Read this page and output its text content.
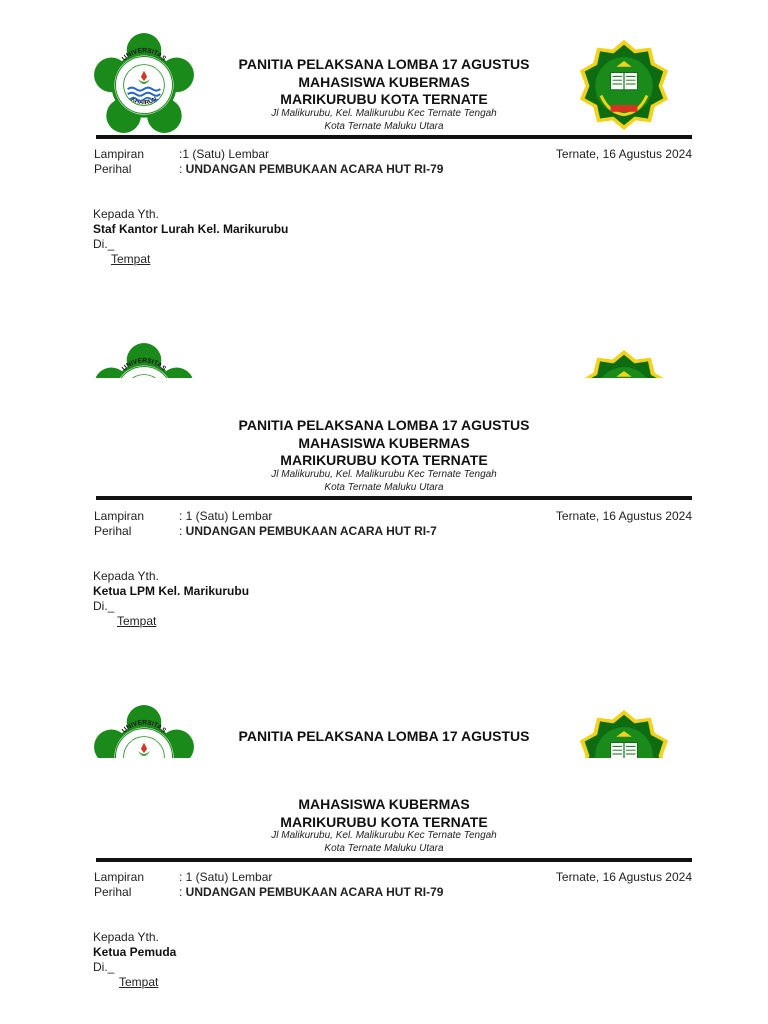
PANITIA PELAKSANA LOMBA 17 AGUSTUS
MAHASISWA KUBERMAS
MARIKURUBU KOTA TERNATE
Jl Malikurubu, Kel. Malikurubu Kec Ternate Tengah
Kota Ternate Maluku Utara
Lampiran	:1 (Satu) Lembar
Perihal	: UNDANGAN PEMBUKAAN ACARA HUT RI-79
Ternate, 16 Agustus 2024
Kepada Yth.
Staf Kantor Lurah Kel. Marikurubu
Di._
Tempat
PANITIA PELAKSANA LOMBA 17 AGUSTUS
MAHASISWA KUBERMAS
MARIKURUBU KOTA TERNATE
Jl Malikurubu, Kel. Malikurubu Kec Ternate Tengah
Kota Ternate Maluku Utara
Lampiran	: 1 (Satu) Lembar
Perihal	: UNDANGAN PEMBUKAAN ACARA HUT RI-7
Ternate, 16 Agustus 2024
Kepada Yth.
Ketua LPM Kel. Marikurubu
Di._
Tempat
PANITIA PELAKSANA LOMBA 17 AGUSTUS
MAHASISWA KUBERMAS
MARIKURUBU KOTA TERNATE
Jl Malikurubu, Kel. Malikurubu Kec Ternate Tengah
Kota Ternate Maluku Utara
Lampiran	: 1 (Satu) Lembar
Perihal	: UNDANGAN PEMBUKAAN ACARA HUT RI-79
Ternate, 16 Agustus 2024
Kepada Yth.
Ketua Pemuda
Di._
Tempat
